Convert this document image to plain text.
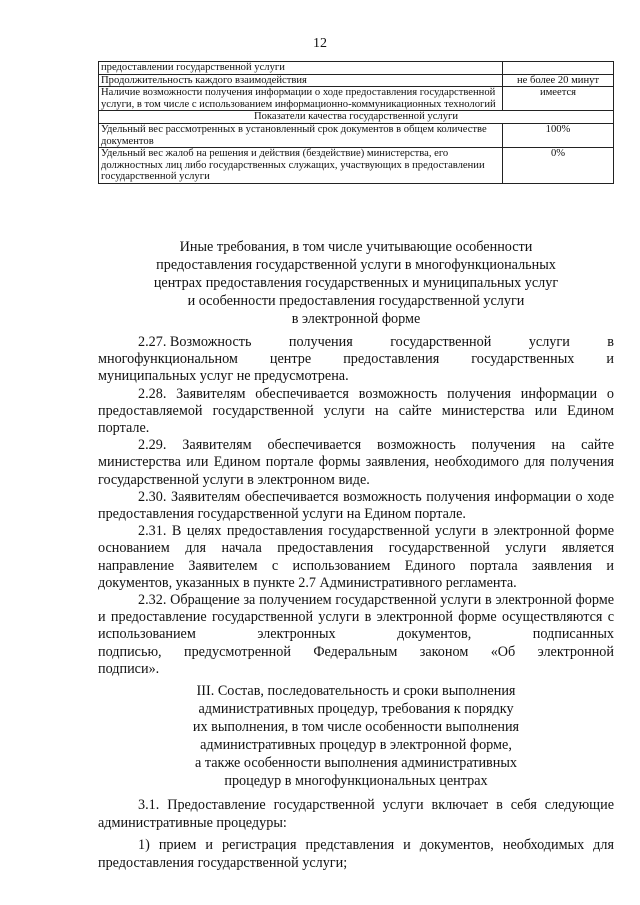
12
предоставлении государственной услуги	
Продолжительность каждого взаимодействия	не более 20 минут
Наличие возможности получения информации о ходе предоставления государственной услуги, в том числе с использованием информационно-коммуникационных технологий	имеется
Показатели качества государственной услуги	
Удельный вес рассмотренных в установленный срок документов в общем количестве документов	100%
Удельный вес жалоб на решения и действия (бездействие) министерства, его должностных лиц либо государственных служащих, участвующих в предоставлении государственной услуги	0%
Иные требования, в том числе учитывающие особенности
предоставления государственной услуги в многофункциональных
центрах предоставления государственных и муниципальных услуг
и особенности предоставления государственной услуги
в электронной форме
2.27. Возможность	получения	государственной	услуги	в
многофункциональном центре предоставления государственных и
муниципальных услуг не предусмотрена.

2.28. Заявителям обеспечивается возможность получения информации о предоставляемой государственной услуги на сайте министерства или Едином портале.

2.29. Заявителям обеспечивается возможность получения на сайте министерства или Едином портале формы заявления, необходимого для получения государственной услуги в электронном виде.

2.30. Заявителям обеспечивается возможность получения информации о ходе предоставления государственной услуги на Едином портале.

2.31. В целях предоставления государственной услуги в электронной форме основанием для начала предоставления государственной услуги является направление Заявителем с использованием Единого портала заявления и документов, указанных в пункте 2.7 Административного регламента.

2.32. Обращение за получением государственной услуги в электронной форме и предоставление государственной услуги в электронной форме осуществляются с использованием электронных документов, подписанных

подписью, предусмотренной Федеральным законом «Об электронной
подписи».
III. Состав, последовательность и сроки выполнения
административных процедур, требования к порядку
их выполнения, в том числе особенности выполнения
административных процедур в электронной форме,
а также особенности выполнения административных
процедур в многофункциональных центрах

3.1. Предоставление государственной услуги включает в себя следующие административные процедуры:

1) прием и регистрация представления и документов, необходимых для предоставления государственной услуги;
